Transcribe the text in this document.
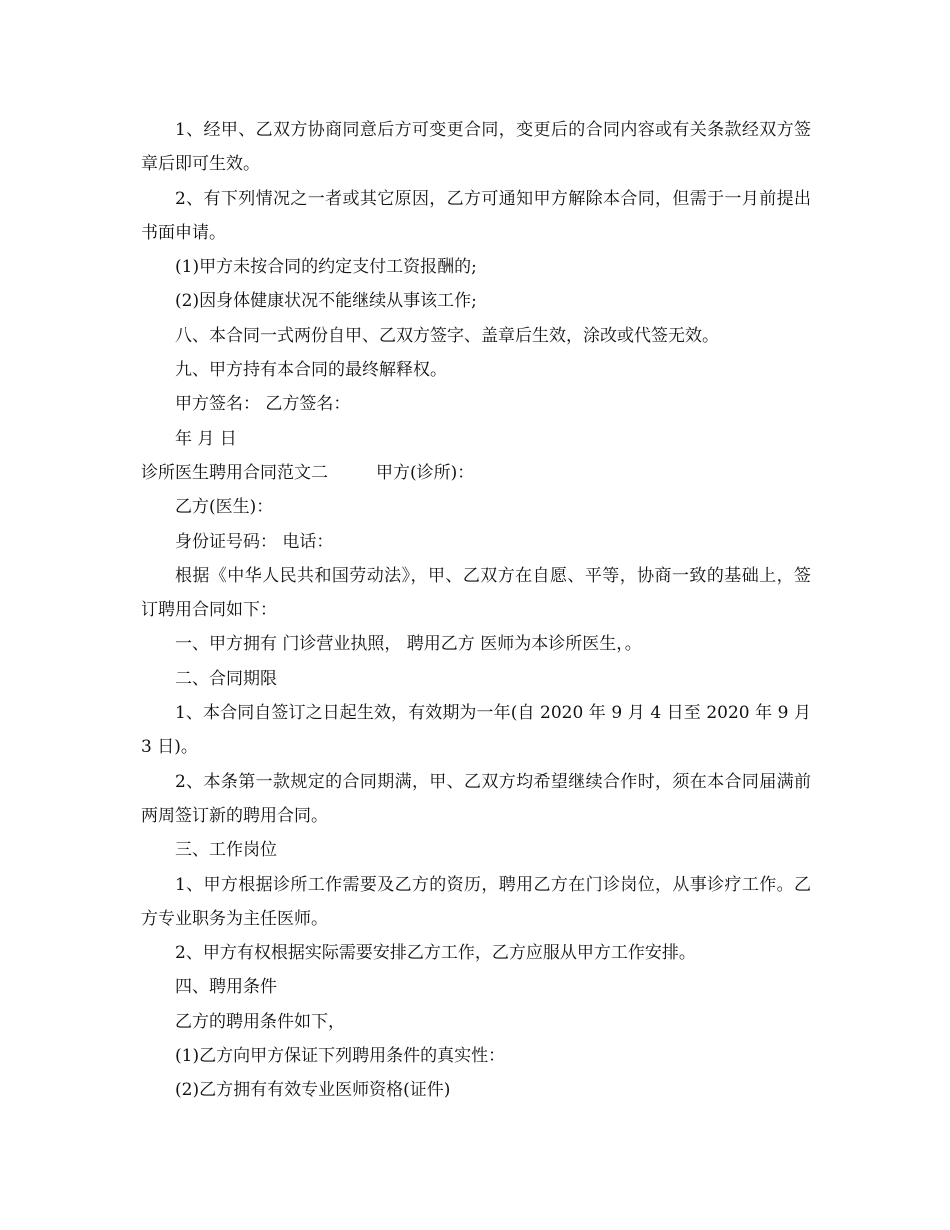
1、经甲、乙双方协商同意后方可变更合同，变更后的合同内容或有关条款经双方签章后即可生效。

2、有下列情况之一者或其它原因，乙方可通知甲方解除本合同，但需于一月前提出书面申请。

(1)甲方未按合同的约定支付工资报酬的;

(2)因身体健康状况不能继续从事该工作;

八、本合同一式两份自甲、乙双方签字、盖章后生效，涂改或代签无效。

九、甲方持有本合同的最终解释权。

甲方签名： 乙方签名：

年 月 日

诊所医生聘用合同范文二	甲方(诊所)：

乙方(医生)：

身份证号码： 电话：

根据《中华人民共和国劳动法》，甲、乙双方在自愿、平等，协商一致的基础上，签订聘用合同如下：

一、甲方拥有 门诊营业执照， 聘用乙方 医师为本诊所医生，。

二、合同期限

1、本合同自签订之日起生效，有效期为一年(自 2020 年 9 月 4 日至 2020 年 9 月 3 日)。

2、本条第一款规定的合同期满，甲、乙双方均希望继续合作时，须在本合同届满前两周签订新的聘用合同。

三、工作岗位

1、甲方根据诊所工作需要及乙方的资历，聘用乙方在门诊岗位，从事诊疗工作。乙方专业职务为主任医师。

2、甲方有权根据实际需要安排乙方工作，乙方应服从甲方工作安排。

四、聘用条件

乙方的聘用条件如下，

(1)乙方向甲方保证下列聘用条件的真实性：

(2)乙方拥有有效专业医师资格(证件)
